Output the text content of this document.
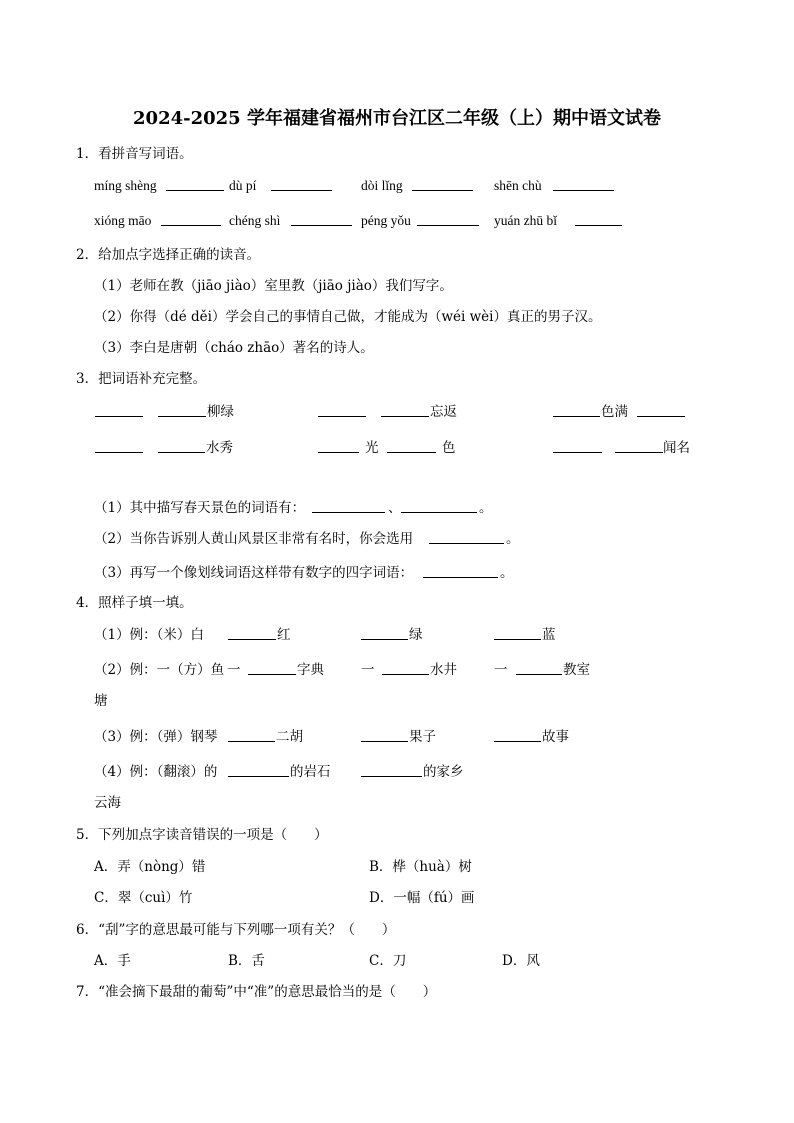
2024-2025 学年福建省福州市台江区二年级（上）期中语文试卷
1．看拼音写词语。
míng shèng	dù pí	dòi lǐng	shēn chù
xióng māo	chéng shì	péng yǒu	yuán zhū bǐ
2．给加点字选择正确的读音。
（1）老师在教（jiāo jiào）室里教（jiāo jiào）我们写字。
（2）你得（dé děi）学会自己的事情自己做，才能成为（wéi wèi）真正的男子汉。
（3）李白是唐朝（cháo zhāo）著名的诗人。
3．把词语补充完整。
柳绿	忘返	色满
水秀	光	色	闻名
（1）其中描写春天景色的词语有：	、	。
（2）当你告诉别人黄山风景区非常有名时，你会选用	。
（3）再写一个像划线词语这样带有数字的四字词语：	。
4．照样子填一填。
（1）例：（米）白	红	绿	蓝
（2）例：一（方）鱼 一	字典	一	水井	一	教室
塘
（3）例：（弹）钢琴	二胡	果子	故事
（4）例：（翻滚）的	的岩石	的家乡
云海
5．下列加点字读音错误的一项是（　　）
A．弄（nòng）错	B．桦（huà）树
C．翠（cuì）竹	D．一幅（fú）画
6．“刮”字的意思最可能与下列哪一项有关？（　　）
A．手	B．舌	C．刀	D．风
7．“准会摘下最甜的葡萄”中“准”的意思最恰当的是（　　）
